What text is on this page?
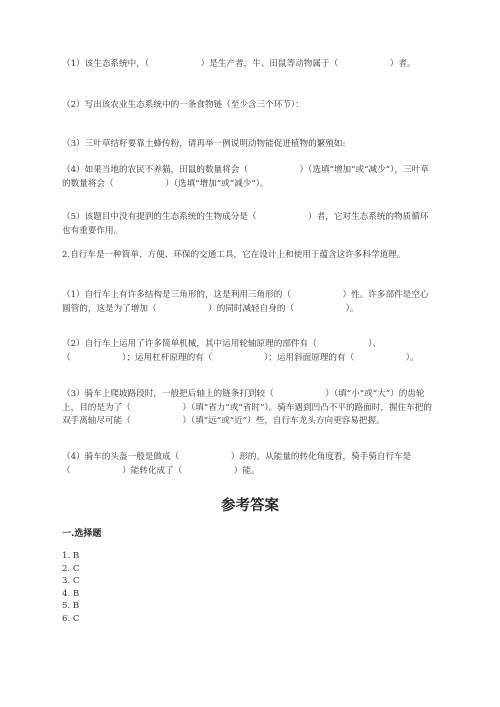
（1）该生态系统中，（　　　　　　）是生产者，牛、田鼠等动物属于（　　　　　　）者。

（2）写出该农业生态系统中的一条食物链（至少含三个环节）：

（3）三叶草结籽要靠土蜂传粉，请再举一例说明动物能促进植物的繁殖如:

（4）如果当地的农民不养猫，田鼠的数量将会（　　　　　　）（选填“增加”或“减少”），三叶草的数量将会（　　　　　　）（选填“增加”或“减少”）。

（5）该题目中没有提到的生态系统的生物成分是（　　　　　　）者，它对生态系统的物质循环也有重要作用。

2.自行车是一种简单、方便、环保的交通工具，它在设计上和使用于蕴含这许多科学道理。

（1）自行车上有许多结构是三角形的，这是利用三角形的（　　　　　　）性。许多部件是空心圆管的，这是为了增加（　　　　　　）的同时减轻自身的（　　　　　　）。

（2）自行车上运用了许多简单机械，其中运用轮轴原理的部件有（　　　　　　）、（　　　　　　）；运用杠杆原理的有（　　　　　　）；运用斜面原理的有（　　　　　　）。

（3）骑车上爬坡路段时，一般把后轴上的链条打到较（　　　　　　）（填“小”或“大”）的齿轮上，目的是为了（　　　　　　）（填“省力”或“省时”）。骑车遇到凹凸不平的路面时，握住车把的双手离轴尽可能（　　　　　　）（填“远”或“近”）些，自行车龙头方向更容易把握。

（4）骑车的头盔一般是做成（　　　　　　）形的。从能量的转化角度看，骑手骑自行车是（　　　　　　）能转化成了（　　　　　　）能。

参考答案
一.选择题
1. B
2. C
3. C
4. B
5. B
6. C
